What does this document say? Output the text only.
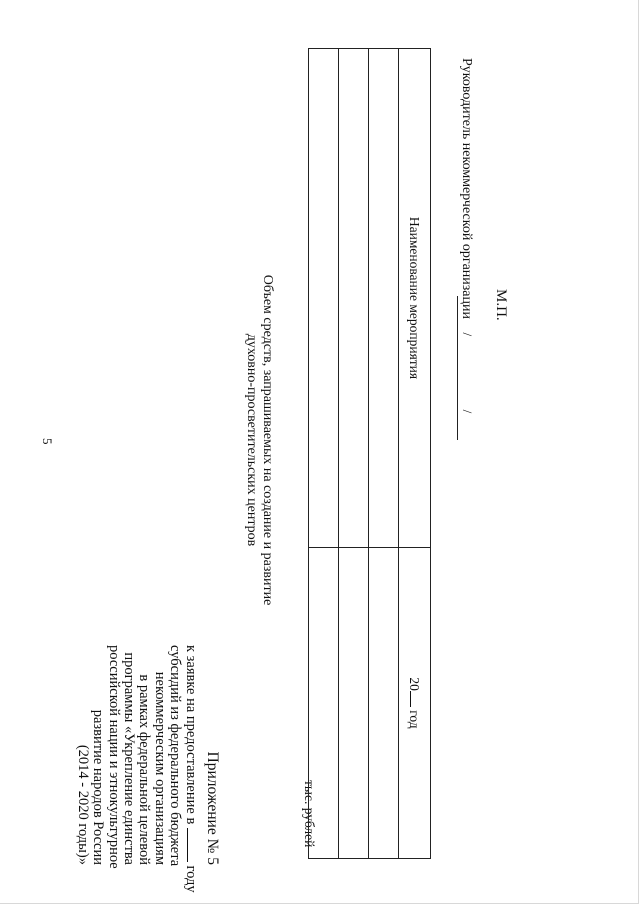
5
Приложение № 5
к заявке на предоставление в  году
субсидий из федерального бюджета
некоммерческим организациям
в рамках федеральной целевой
программы «Укрепление единства
российской нации и этнокультурное
развитие народов России
(2014 - 2020 годы)»
Объем средств, запрашиваемых на создание и развитие
духовно-просветительских центров
тыс. рублей
Наименование мероприятия	20 год

Руководитель некоммерческой организации / /
М.П.
